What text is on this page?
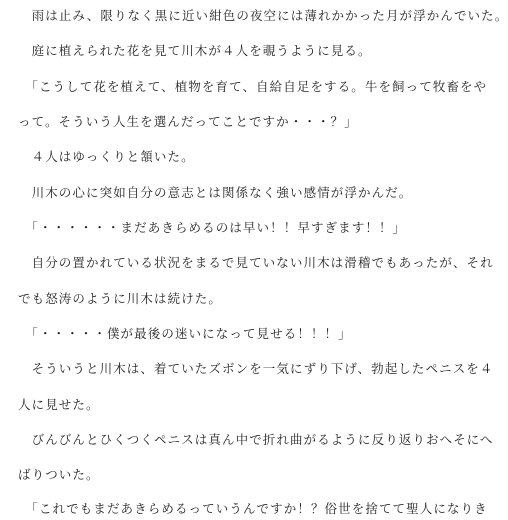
　雨は止み、限りなく黒に近い紺色の夜空には薄れかかった月が浮かんでいた。
　庭に植えられた花を見て川木が４人を覗うように見る。
　「こうして花を植えて、植物を育て、自給自足をする。牛を飼って牧畜をや
って。そういう人生を選んだってことですか・・・？」
　４人はゆっくりと頷いた。
　川木の心に突如自分の意志とは関係なく強い感情が浮かんだ。
　「・・・・・・まだあきらめるのは早い！！早すぎます！！」
　自分の置かれている状況をまるで見ていない川木は滑稽でもあったが、それ
でも怒涛のように川木は続けた。
　「・・・・・僕が最後の迷いになって見せる！！！」
　そういうと川木は、着ていたズボンを一気にずり下げ、勃起したペニスを４
人に見せた。
　びんびんとひくつくペニスは真ん中で折れ曲がるように反り返りおへそにへ
ばりついた。
　「これでもまだあきらめるっていうんですか！？俗世を捨てて聖人になりき
